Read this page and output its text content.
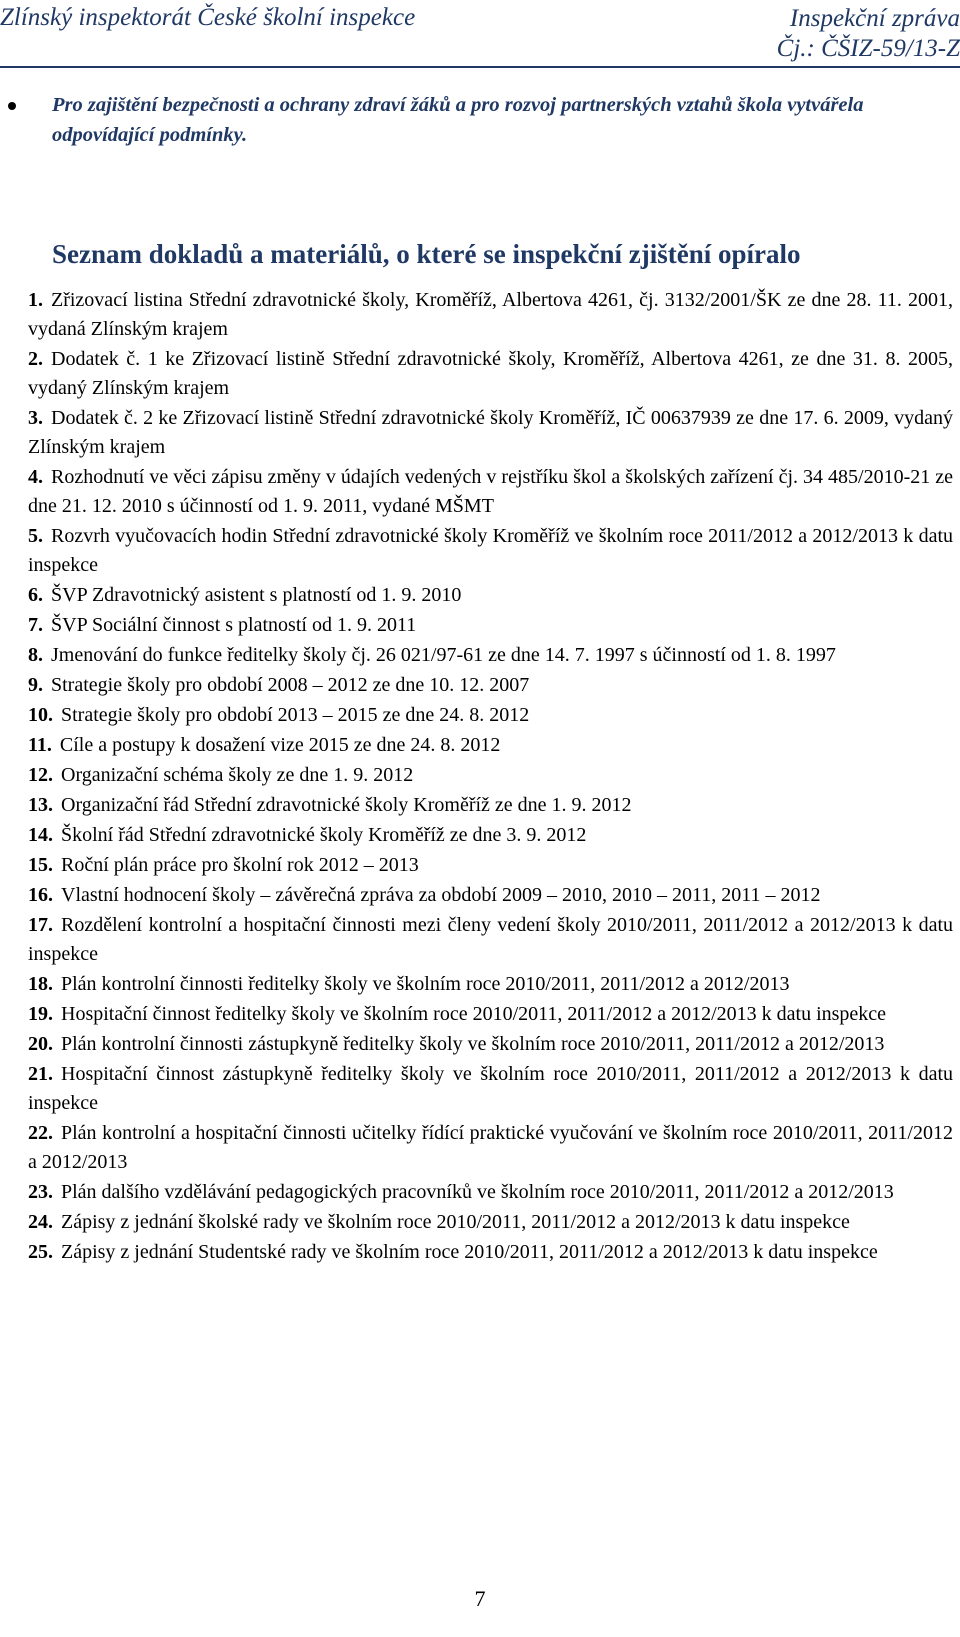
Zlínský inspektorát České školní inspekce	Inspekční zpráva
Čj.: ČŠIZ-59/13-Z

Pro zajištění bezpečnosti a ochrany zdraví žáků a pro rozvoj partnerských vztahů škola vytvářela odpovídající podmínky.

Seznam dokladů a materiálů, o které se inspekční zjištění opíralo
1. Zřizovací listina Střední zdravotnické školy, Kroměříž, Albertova 4261, čj. 3132/2001/ŠK ze dne 28. 11. 2001, vydaná Zlínským krajem
2. Dodatek č. 1 ke Zřizovací listině Střední zdravotnické školy, Kroměříž, Albertova 4261, ze dne 31. 8. 2005, vydaný Zlínským krajem
3. Dodatek č. 2 ke Zřizovací listině Střední zdravotnické školy Kroměříž, IČ 00637939 ze dne 17. 6. 2009, vydaný Zlínským krajem
4. Rozhodnutí ve věci zápisu změny v údajích vedených v rejstříku škol a školských zařízení čj. 34 485/2010-21 ze dne 21. 12. 2010 s účinností od 1. 9. 2011, vydané MŠMT
5. Rozvrh vyučovacích hodin Střední zdravotnické školy Kroměříž ve školním roce 2011/2012 a 2012/2013 k datu inspekce
6. ŠVP Zdravotnický asistent s platností od 1. 9. 2010
7. ŠVP Sociální činnost s platností od 1. 9. 2011
8. Jmenování do funkce ředitelky školy čj. 26 021/97-61 ze dne 14. 7. 1997 s účinností od 1. 8. 1997
9. Strategie školy pro období 2008 – 2012 ze dne 10. 12. 2007
10. Strategie školy pro období 2013 – 2015 ze dne 24. 8. 2012
11. Cíle a postupy k dosažení vize 2015 ze dne 24. 8. 2012
12. Organizační schéma školy ze dne 1. 9. 2012
13. Organizační řád Střední zdravotnické školy Kroměříž ze dne 1. 9. 2012
14. Školní řád Střední zdravotnické školy Kroměříž ze dne 3. 9. 2012
15. Roční plán práce pro školní rok 2012 – 2013
16. Vlastní hodnocení školy – závěrečná zpráva za období 2009 – 2010, 2010 – 2011, 2011 – 2012
17. Rozdělení kontrolní a hospitační činnosti mezi členy vedení školy 2010/2011, 2011/2012 a 2012/2013 k datu inspekce
18. Plán kontrolní činnosti ředitelky školy ve školním roce 2010/2011, 2011/2012 a 2012/2013
19. Hospitační činnost ředitelky školy ve školním roce 2010/2011, 2011/2012 a 2012/2013 k datu inspekce
20. Plán kontrolní činnosti zástupkyně ředitelky školy ve školním roce 2010/2011, 2011/2012 a 2012/2013
21. Hospitační činnost zástupkyně ředitelky školy ve školním roce 2010/2011, 2011/2012 a 2012/2013 k datu inspekce
22. Plán kontrolní a hospitační činnosti učitelky řídící praktické vyučování ve školním roce 2010/2011, 2011/2012 a 2012/2013
23. Plán dalšího vzdělávání pedagogických pracovníků ve školním roce 2010/2011, 2011/2012 a 2012/2013
24. Zápisy z jednání školské rady ve školním roce 2010/2011, 2011/2012 a 2012/2013 k datu inspekce
25. Zápisy z jednání Studentské rady ve školním roce 2010/2011, 2011/2012 a 2012/2013 k datu inspekce
7
